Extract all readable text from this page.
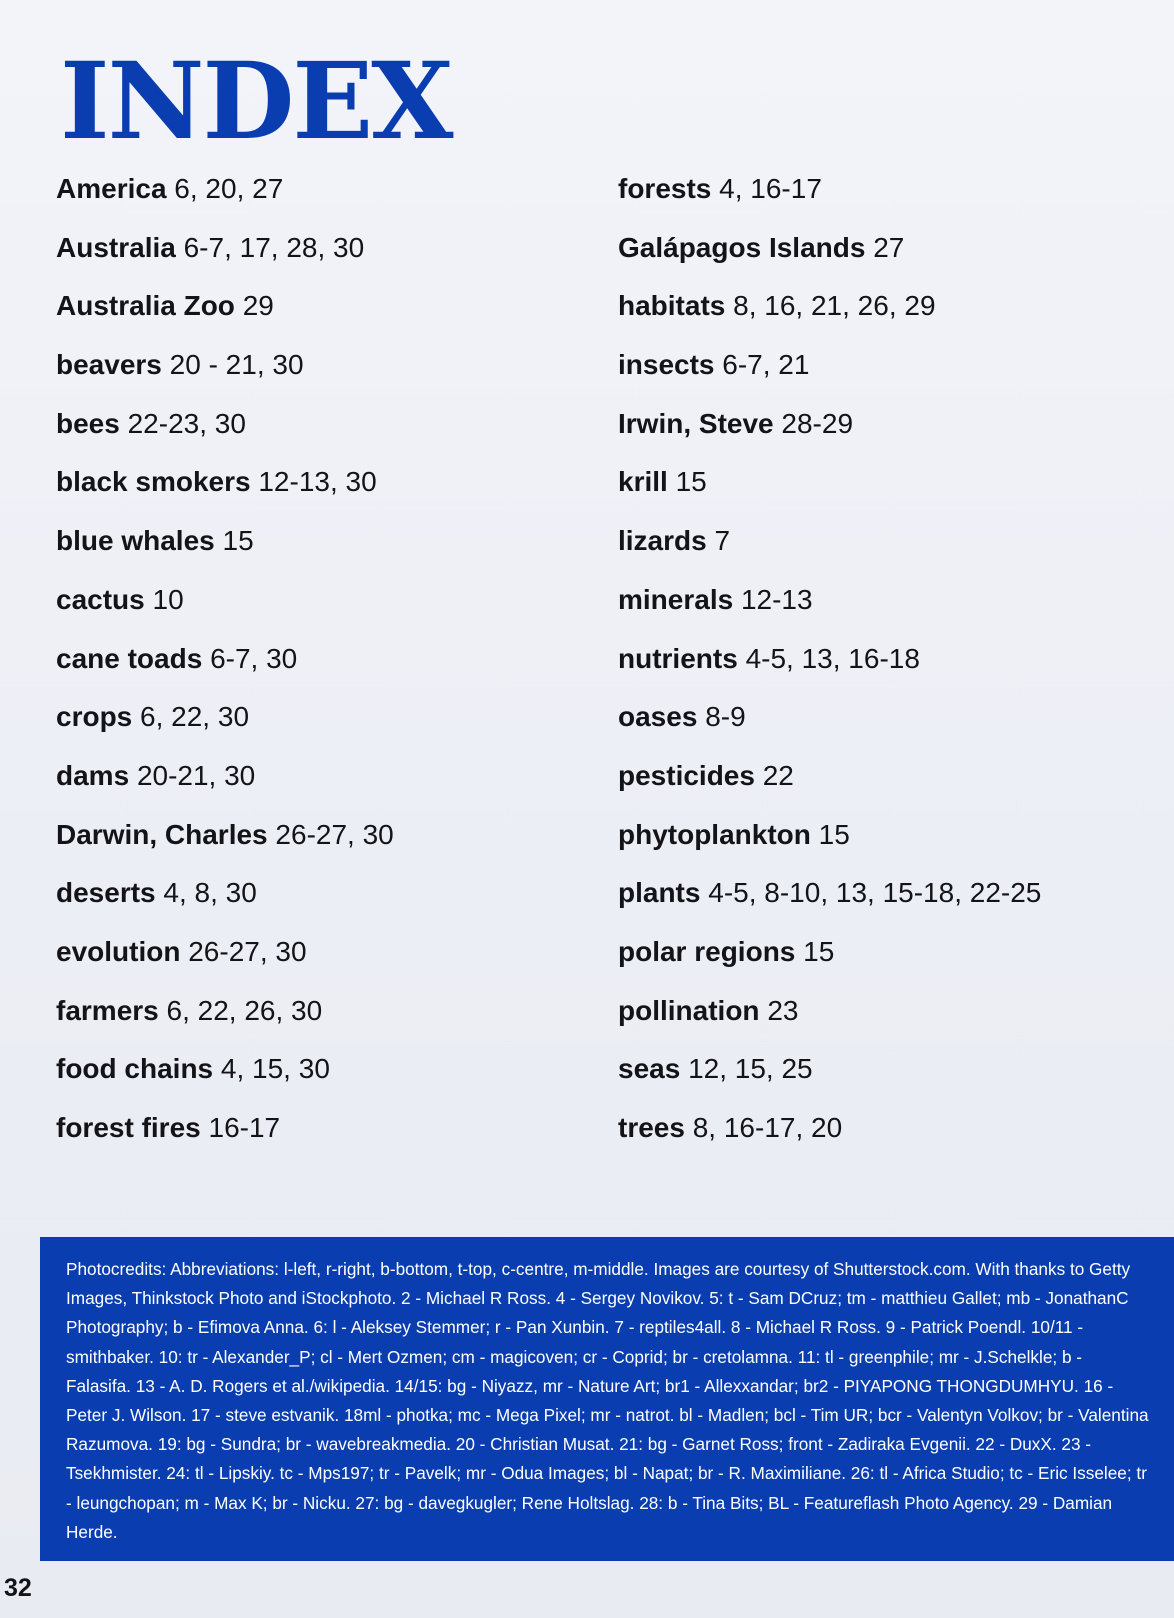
INDEX
America 6, 20, 27
Australia 6-7, 17, 28, 30
Australia Zoo 29
beavers 20 - 21, 30
bees 22-23, 30
black smokers 12-13, 30
blue whales 15
cactus 10
cane toads 6-7, 30
crops 6, 22, 30
dams 20-21, 30
Darwin, Charles 26-27, 30
deserts 4, 8, 30
evolution 26-27, 30
farmers 6, 22, 26, 30
food chains 4, 15, 30
forest fires 16-17
forests 4, 16-17
Galápagos Islands 27
habitats 8, 16, 21, 26, 29
insects 6-7, 21
Irwin, Steve 28-29
krill 15
lizards 7
minerals 12-13
nutrients 4-5, 13, 16-18
oases 8-9
pesticides 22
phytoplankton 15
plants 4-5, 8-10, 13, 15-18, 22-25
polar regions 15
pollination 23
seas 12, 15, 25
trees 8, 16-17, 20

Photocredits: Abbreviations: l-left, r-right, b-bottom, t-top, c-centre, m-middle. Images are courtesy of Shutterstock.com. With thanks to Getty Images, Thinkstock Photo and iStockphoto. 2 - Michael R Ross. 4 - Sergey Novikov. 5: t - Sam DCruz; tm - matthieu Gallet; mb - JonathanC Photography; b - Efimova Anna. 6: l - Aleksey Stemmer; r - Pan Xunbin. 7 - reptiles4all. 8 - Michael R Ross. 9 - Patrick Poendl. 10/11 - smithbaker. 10: tr - Alexander_P; cl - Mert Ozmen; cm - magicoven; cr - Coprid; br - cretolamna. 11: tl - greenphile; mr - J.Schelkle; b - Falasifa. 13 - A. D. Rogers et al./wikipedia. 14/15: bg - Niyazz, mr - Nature Art; br1 - Allexxandar; br2 - PIYAPONG THONGDUMHYU. 16 - Peter J. Wilson. 17 - steve estvanik. 18ml - photka; mc - Mega Pixel; mr - natrot. bl - Madlen; bcl - Tim UR; bcr - Valentyn Volkov; br - Valentina Razumova. 19: bg - Sundra; br - wavebreakmedia. 20 - Christian Musat. 21: bg - Garnet Ross; front - Zadiraka Evgenii. 22 - DuxX. 23 - Tsekhmister. 24: tl - Lipskiy. tc - Mps197; tr - Pavelk; mr - Odua Images; bl - Napat; br - R. Maximiliane. 26: tl - Africa Studio; tc - Eric Isselee; tr - leungchopan; m - Max K; br - Nicku. 27: bg - davegkugler; Rene Holtslag. 28: b - Tina Bits; BL - Featureflash Photo Agency. 29 - Damian Herde.

32
